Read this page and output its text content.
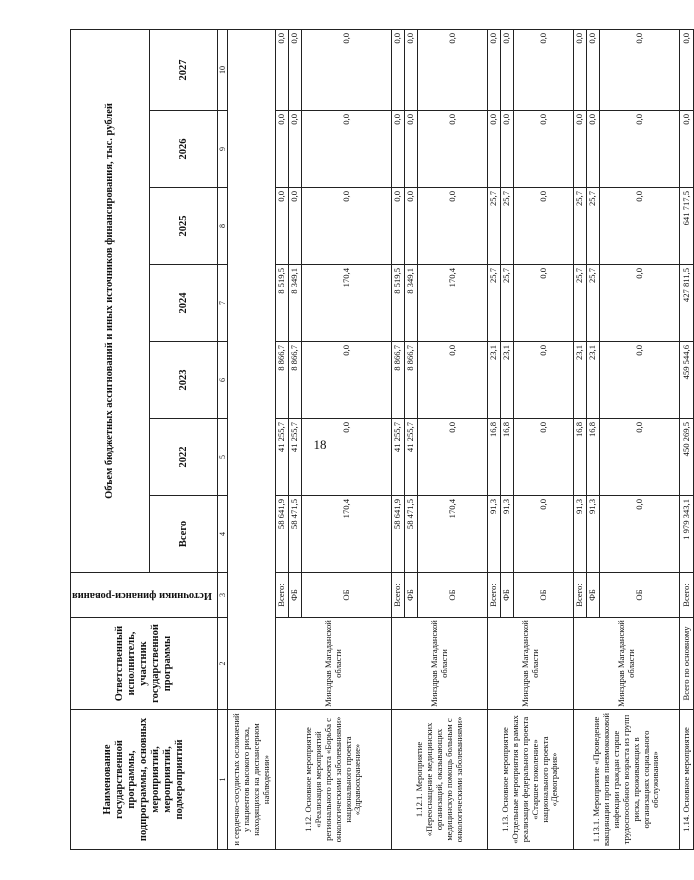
18
Наименование государственной программы, подпрограммы, основных мероприятий, мероприятий, подмероприятий	Ответственный исполнитель, участник государственной программы	Источники финанси-рования	Объем бюджетных ассигнований и иных источников финансирования, тыс. рублей						
			Всего	2022	2023	2024	2025	2026	2027
1	2	3	4	5	6	7	8	9	10
и сердечно-сосудистых осложнений у пациентов высокого риска, находящихся на диспансерном наблюдении»									
1.12. Основное мероприятие «Реализация мероприятий регионального проекта «Борьба с онкологическими заболеваниями» национального проекта «Здравоохранение»	Минздрав Магаданской области	Всего:	58 641,9	41 255,7	8 866,7	8 519,5	0,0	0,0	0,0
		ФБ	58 471,5	41 255,7	8 866,7	8 349,1	0,0	0,0	0,0
		ОБ	170,4	0,0	0,0	170,4	0,0	0,0	0,0
1.12.1. Мероприятие «Переоснащение медицинских организаций, оказывающих медицинскую помощь больным с онкологическими заболеваниями»	Минздрав Магаданской области	Всего:	58 641,9	41 255,7	8 866,7	8 519,5	0,0	0,0	0,0
		ФБ	58 471,5	41 255,7	8 866,7	8 349,1	0,0	0,0	0,0
		ОБ	170,4	0,0	0,0	170,4	0,0	0,0	0,0
1.13. Основное мероприятие «Отдельные мероприятия в рамках реализации федерального проекта «Старшее поколение» национального проекта «Демография»	Минздрав Магаданской области	Всего:	91,3	16,8	23,1	25,7	25,7	0,0	0,0
		ФБ	91,3	16,8	23,1	25,7	25,7	0,0	0,0
		ОБ	0,0	0,0	0,0	0,0	0,0	0,0	0,0
1.13.1. Мероприятие «Проведение вакцинации против пневмококковой инфекции граждан старше трудоспособного возраста из групп риска, проживающих в организациях социального обслуживания»	Минздрав Магаданской области	Всего:	91,3	16,8	23,1	25,7	25,7	0,0	0,0
		ФБ	91,3	16,8	23,1	25,7	25,7	0,0	0,0
		ОБ	0,0	0,0	0,0	0,0	0,0	0,0	0,0
1.14. Основное мероприятие	Всего по основному	Всего:	1 979 343,1	450 269,5	459 544,6	427 811,5	641 717,5	0,0	0,0
